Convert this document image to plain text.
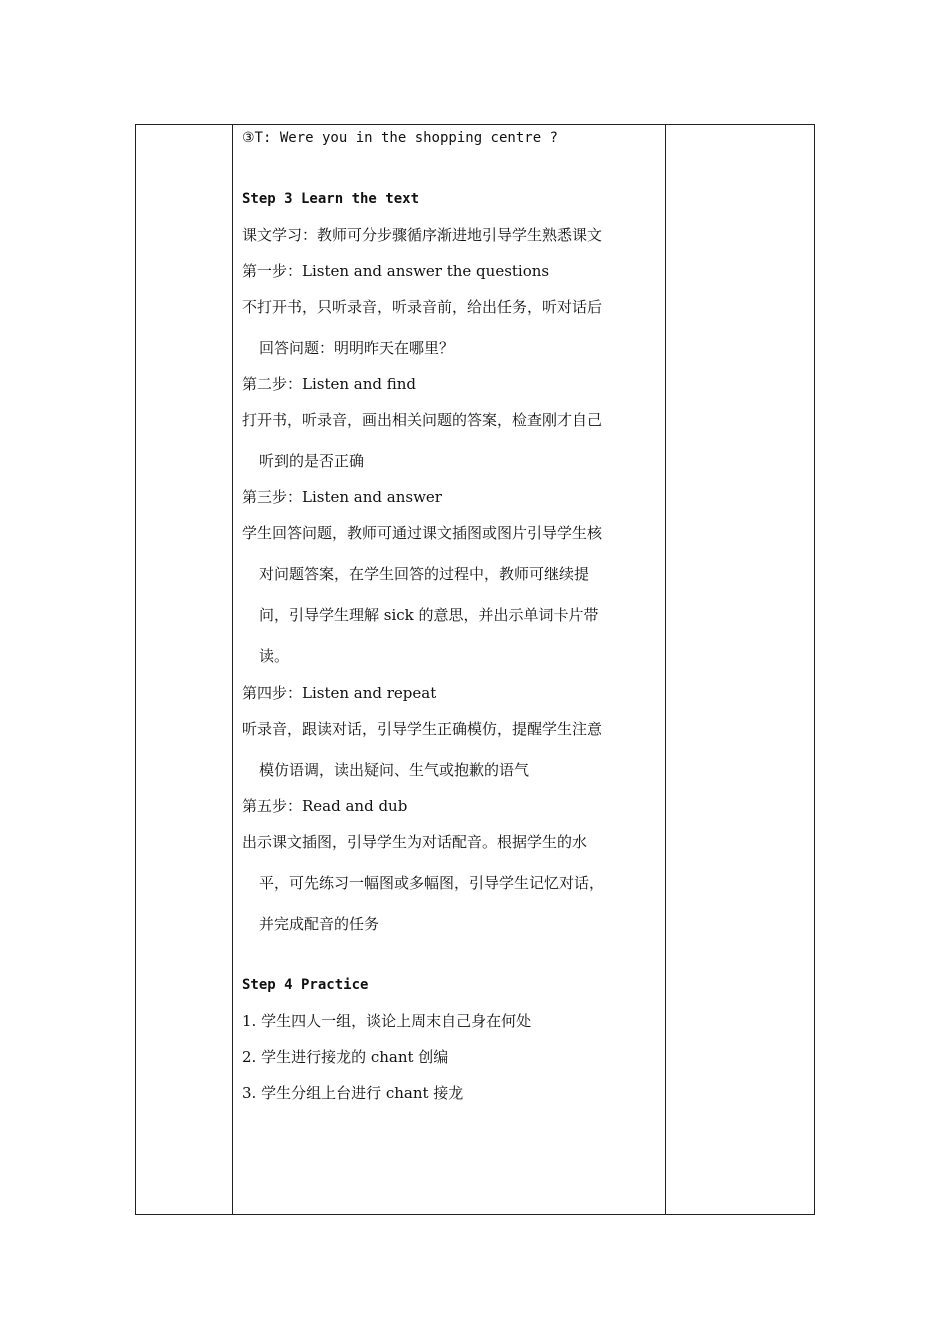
③T: Were you in the shopping centre ?
Step 3 Learn the text
课文学习：教师可分步骤循序渐进地引导学生熟悉课文
第一步：Listen and answer the questions
不打开书，只听录音，听录音前，给出任务，听对话后
回答问题：明明昨天在哪里？
第二步：Listen and find
打开书，听录音，画出相关问题的答案，检查刚才自己
听到的是否正确
第三步：Listen and answer
学生回答问题，教师可通过课文插图或图片引导学生核
对问题答案，在学生回答的过程中，教师可继续提
问，引导学生理解 sick 的意思，并出示单词卡片带
读。
第四步：Listen and repeat
听录音，跟读对话，引导学生正确模仿，提醒学生注意
模仿语调，读出疑问、生气或抱歉的语气
第五步：Read and dub
出示课文插图，引导学生为对话配音。根据学生的水
平，可先练习一幅图或多幅图，引导学生记忆对话，
并完成配音的任务
Step 4 Practice
1. 学生四人一组，谈论上周末自己身在何处
2. 学生进行接龙的 chant 创编
3. 学生分组上台进行 chant 接龙
